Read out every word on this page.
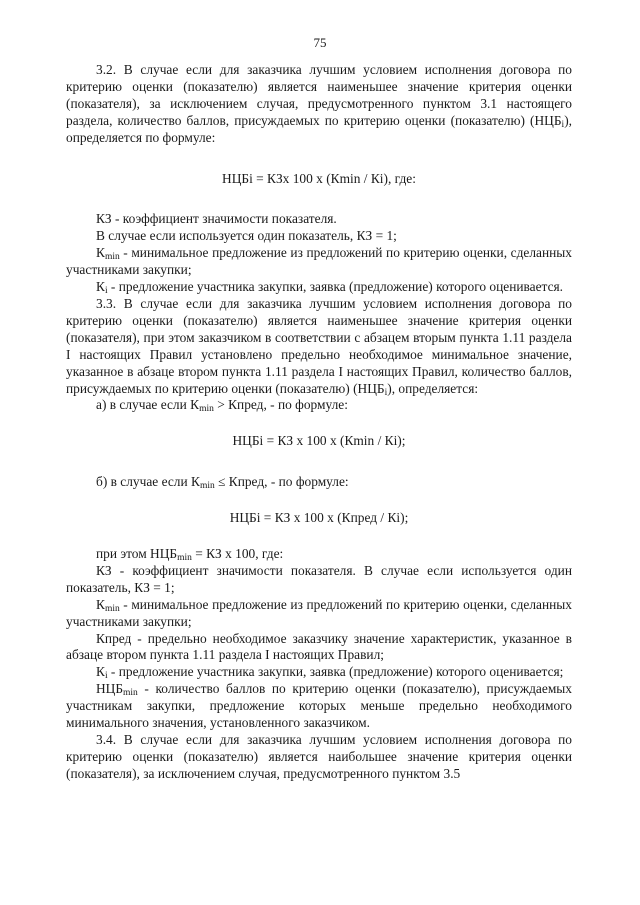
75

3.2. В случае если для заказчика лучшим условием исполнения договора по критерию оценки (показателю) является наименьшее значение критерия оценки (показателя), за исключением случая, предусмотренного пунктом 3.1 настоящего раздела, количество баллов, присуждаемых по критерию оценки (показателю) $(НЦБ_i)$, определяется по формуле:

НЦБi = КЗх 100 х (Кmin / Кi), где:

КЗ - коэффициент значимости показателя.

В случае если используется один показатель, КЗ = 1;

$К_{min}$ - минимальное предложение из предложений по критерию оценки, сделанных участниками закупки;

$К_i$ - предложение участника закупки, заявка (предложение) которого оценивается.

3.3. В случае если для заказчика лучшим условием исполнения договора по критерию оценки (показателю) является наименьшее значение критерия оценки (показателя), при этом заказчиком в соответствии с абзацем вторым пункта 1.11 раздела I настоящих Правил установлено предельно необходимое минимальное значение, указанное в абзаце втором пункта 1.11 раздела I настоящих Правил, количество баллов, присуждаемых по критерию оценки (показателю) $(НЦБ_i)$, определяется:

а) в случае если $К_{min}$ > Кпред, - по формуле:

НЦБi = КЗ х 100 х (Кmin / Кi);

б) в случае если $К_{min}$ ≤ Кпред, - по формуле:

НЦБi = КЗ х 100 х (Кпред / Кi);

при этом $НЦБ_{min}$ = КЗ х 100, где:

КЗ - коэффициент значимости показателя. В случае если используется один показатель, КЗ = 1;

$К_{min}$ - минимальное предложение из предложений по критерию оценки, сделанных участниками закупки;

Кпред - предельно необходимое заказчику значение характеристик, указанное в абзаце втором пункта 1.11 раздела I настоящих Правил;

$К_i$ - предложение участника закупки, заявка (предложение) которого оценивается;

$НЦБ_{min}$ - количество баллов по критерию оценки (показателю), присуждаемых участникам закупки, предложение которых меньше предельно необходимого минимального значения, установленного заказчиком.

3.4. В случае если для заказчика лучшим условием исполнения договора по критерию оценки (показателю) является наибольшее значение критерия оценки (показателя), за исключением случая, предусмотренного пунктом 3.5
